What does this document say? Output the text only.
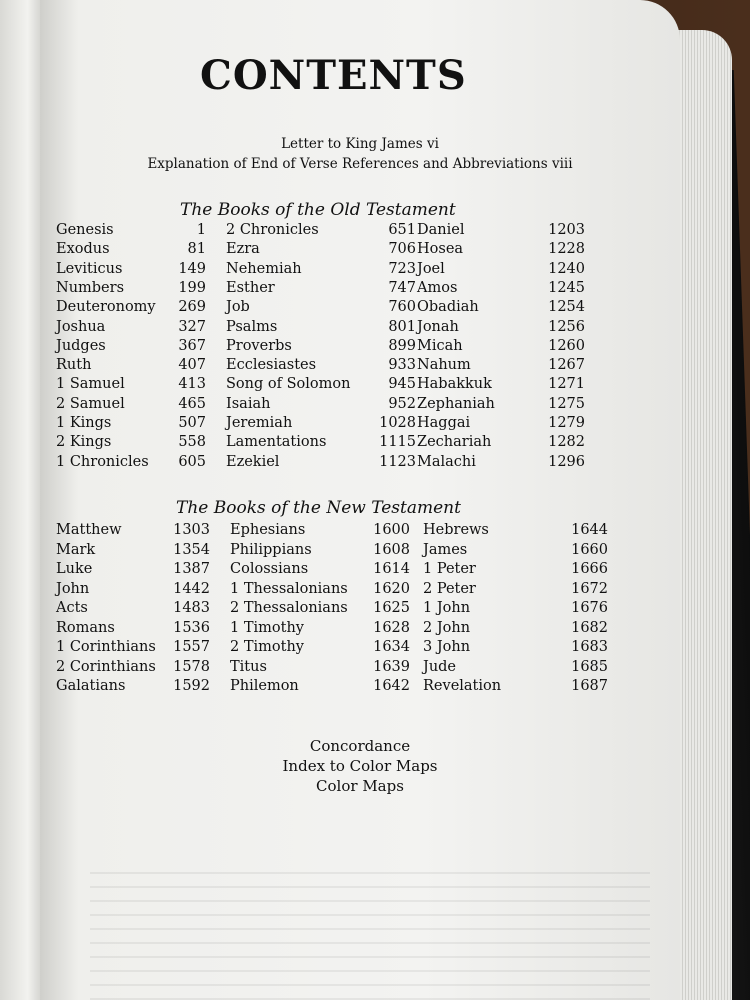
CONTENTS
Letter to King James vi
Explanation of End of Verse References and Abbreviations viii
The Books of the Old Testament
Genesis	1
Exodus	81
Leviticus	149
Numbers	199
Deuteronomy 269
Joshua	327
Judges	367
Ruth	407
1 Samuel	413
2 Samuel	465
1 Kings	507
2 Kings	558
1 Chronicles 605
2 Chronicles	651
Ezra	706
Nehemiah	723
Esther	747
Job	760
Psalms	801
Proverbs	899
Ecclesiastes	933
Song of Solomon	945
Isaiah	952
Jeremiah	1028
Lamentations	1115
Ezekiel	1123
Daniel	1203
Hosea	1228
Joel	1240
Amos	1245
Obadiah	1254
Jonah	1256
Micah	1260
Nahum	1267
Habakkuk	1271
Zephaniah	1275
Haggai	1279
Zechariah	1282
Malachi	1296
The Books of the New Testament
Matthew	1303
Mark	1354
Luke	1387
John	1442
Acts	1483
Romans	1536
1 Corinthians 1557
2 Corinthians 1578
Galatians	1592
Ephesians	1600
Philippians	1608
Colossians	1614
1 Thessalonians 1620
2 Thessalonians 1625
1 Timothy	1628
2 Timothy	1634
Titus	1639
Philemon	1642
Hebrews	1644
James	1660
1 Peter	1666
2 Peter	1672
1 John	1676
2 John	1682
3 John	1683
Jude	1685
Revelation	1687
Concordance
Index to Color Maps
Color Maps
